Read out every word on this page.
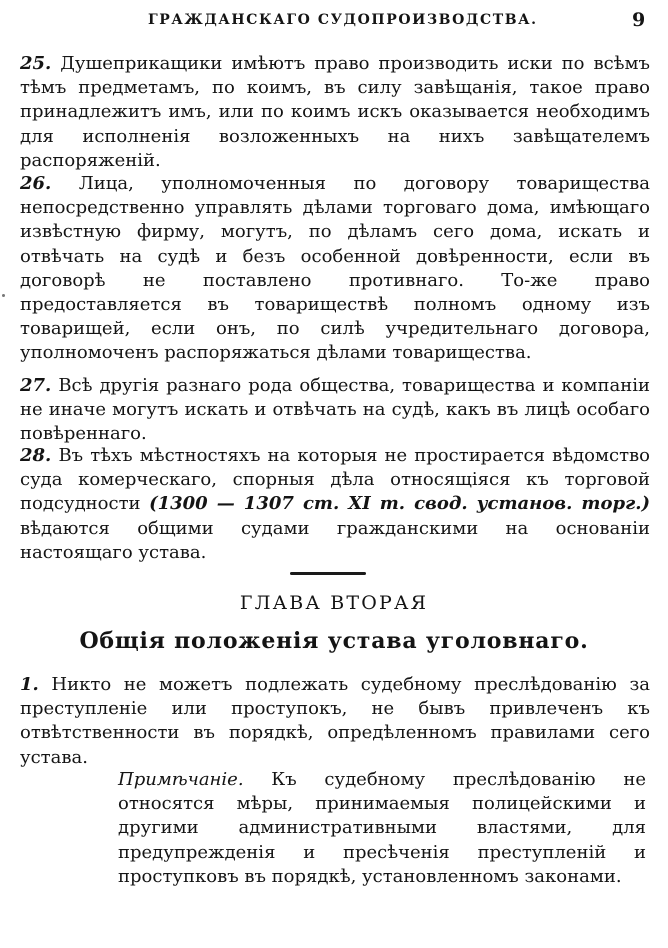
ГРАЖДАНСКАГО СУДОПРОИЗВОДСТВА.	9

25. Душеприкащики имѣютъ право производить иски по всѣмъ тѣмъ предметамъ, по коимъ, въ силу завѣщанія, такое право принадлежитъ имъ, или по коимъ искъ оказывается необходимъ для исполненія возложенныхъ на нихъ завѣщателемъ распоряженій.

26. Лица, уполномоченныя по договору товарищества непосредственно управлять дѣлами торговаго дома, имѣющаго извѣстную фирму, могутъ, по дѣламъ сего дома, искать и отвѣчать на судѣ и безъ особенной довѣренности, если въ договорѣ не поставлено противнаго. То-же право предоставляется въ товариществѣ полномъ одному изъ товарищей, если онъ, по силѣ учредительнаго договора, уполномоченъ распоряжаться дѣлами товарищества.

27. Всѣ другія разнаго рода общества, товарищества и компаніи не иначе могутъ искать и отвѣчать на судѣ, какъ въ лицѣ особаго повѣреннаго.

28. Въ тѣхъ мѣстностяхъ на которыя не простирается вѣдомство суда комерческаго, спорныя дѣла относящіяся къ торговой подсудности (1300 — 1307 ст. XI т. свод. установ. торг.) вѣдаются общими судами гражданскими на основаніи настоящаго устава.

ГЛАВА ВТОРАЯ
Общія положенія устава уголовнаго.

1. Никто не можетъ подлежать судебному преслѣдованію за преступленіе или проступокъ, не бывъ привлеченъ къ отвѣтственности въ порядкѣ, опредѣленномъ правилами сего устава.

Примѣчаніе. Къ судебному преслѣдованію не относятся мѣры, принимаемыя полицейскими и другими административными властями, для предупрежденія и пресѣченія преступленій и проступковъ въ порядкѣ, установленномъ законами.
